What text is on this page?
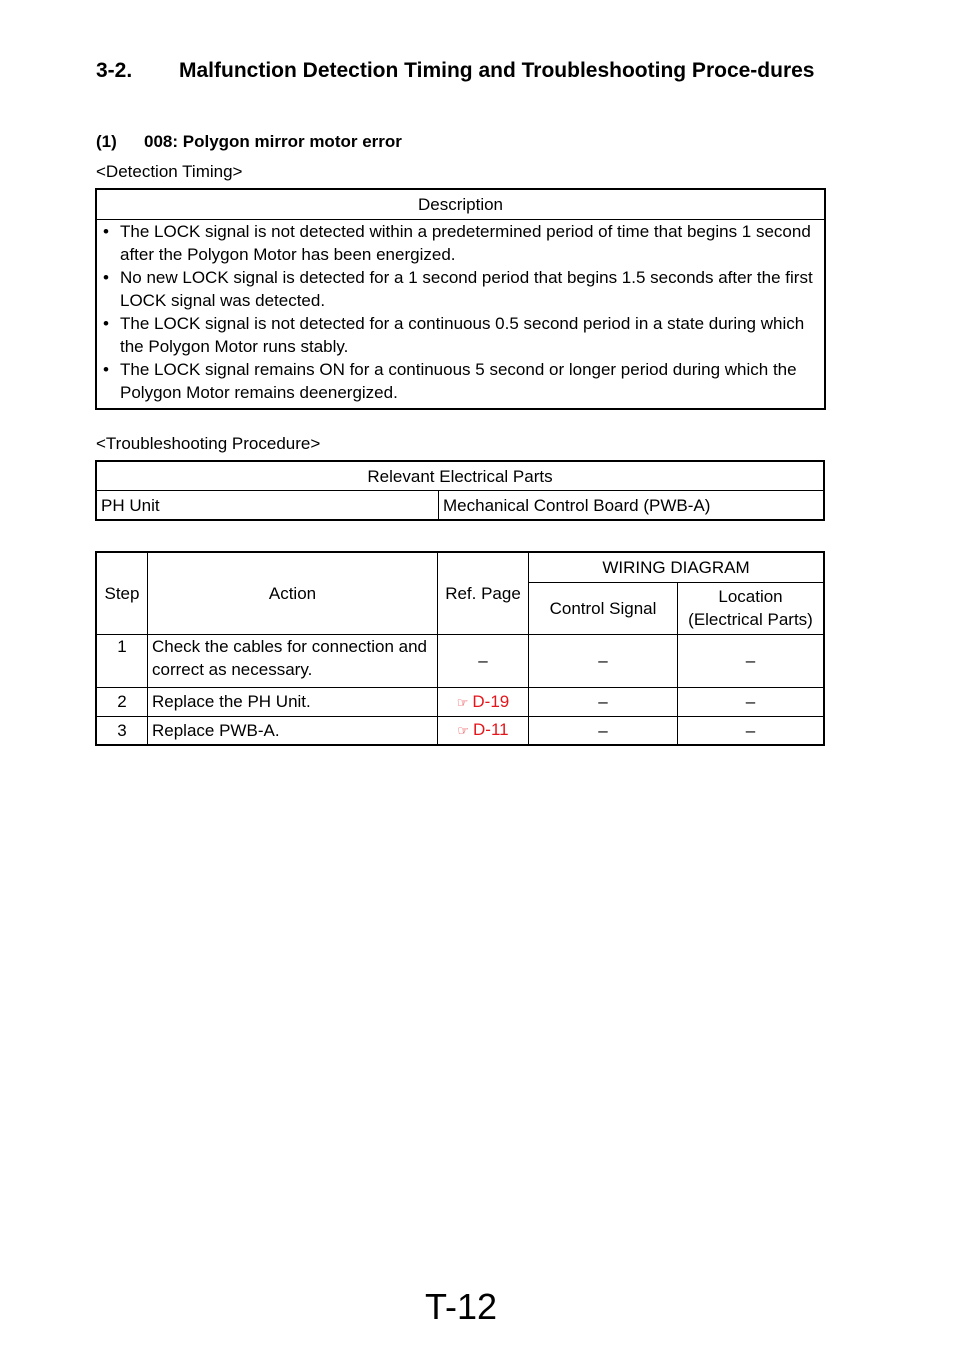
3-2. Malfunction Detection Timing and Troubleshooting Proce-dures
(1) 008: Polygon mirror motor error
<Detection Timing>
Description

• The LOCK signal is not detected within a predetermined period of time that begins 1 second after the Polygon Motor has been energized.
• No new LOCK signal is detected for a 1 second period that begins 1.5 seconds after the first LOCK signal was detected.
• The LOCK signal is not detected for a continuous 0.5 second period in a state during which the Polygon Motor runs stably.
• The LOCK signal remains ON for a continuous 5 second or longer period during which the Polygon Motor remains deenergized.
<Troubleshooting Procedure>
Relevant Electrical Parts
PH Unit	Mechanical Control Board (PWB-A)
Step	Action	Ref. Page	WIRING DIAGRAM	
			Control Signal	Location (Electrical Parts)
1	Check the cables for connection and correct as necessary.	–	–	–
2	Replace the PH Unit.	☞ D-19	–	–
3	Replace PWB-A.	☞ D-11	–	–
T-12
